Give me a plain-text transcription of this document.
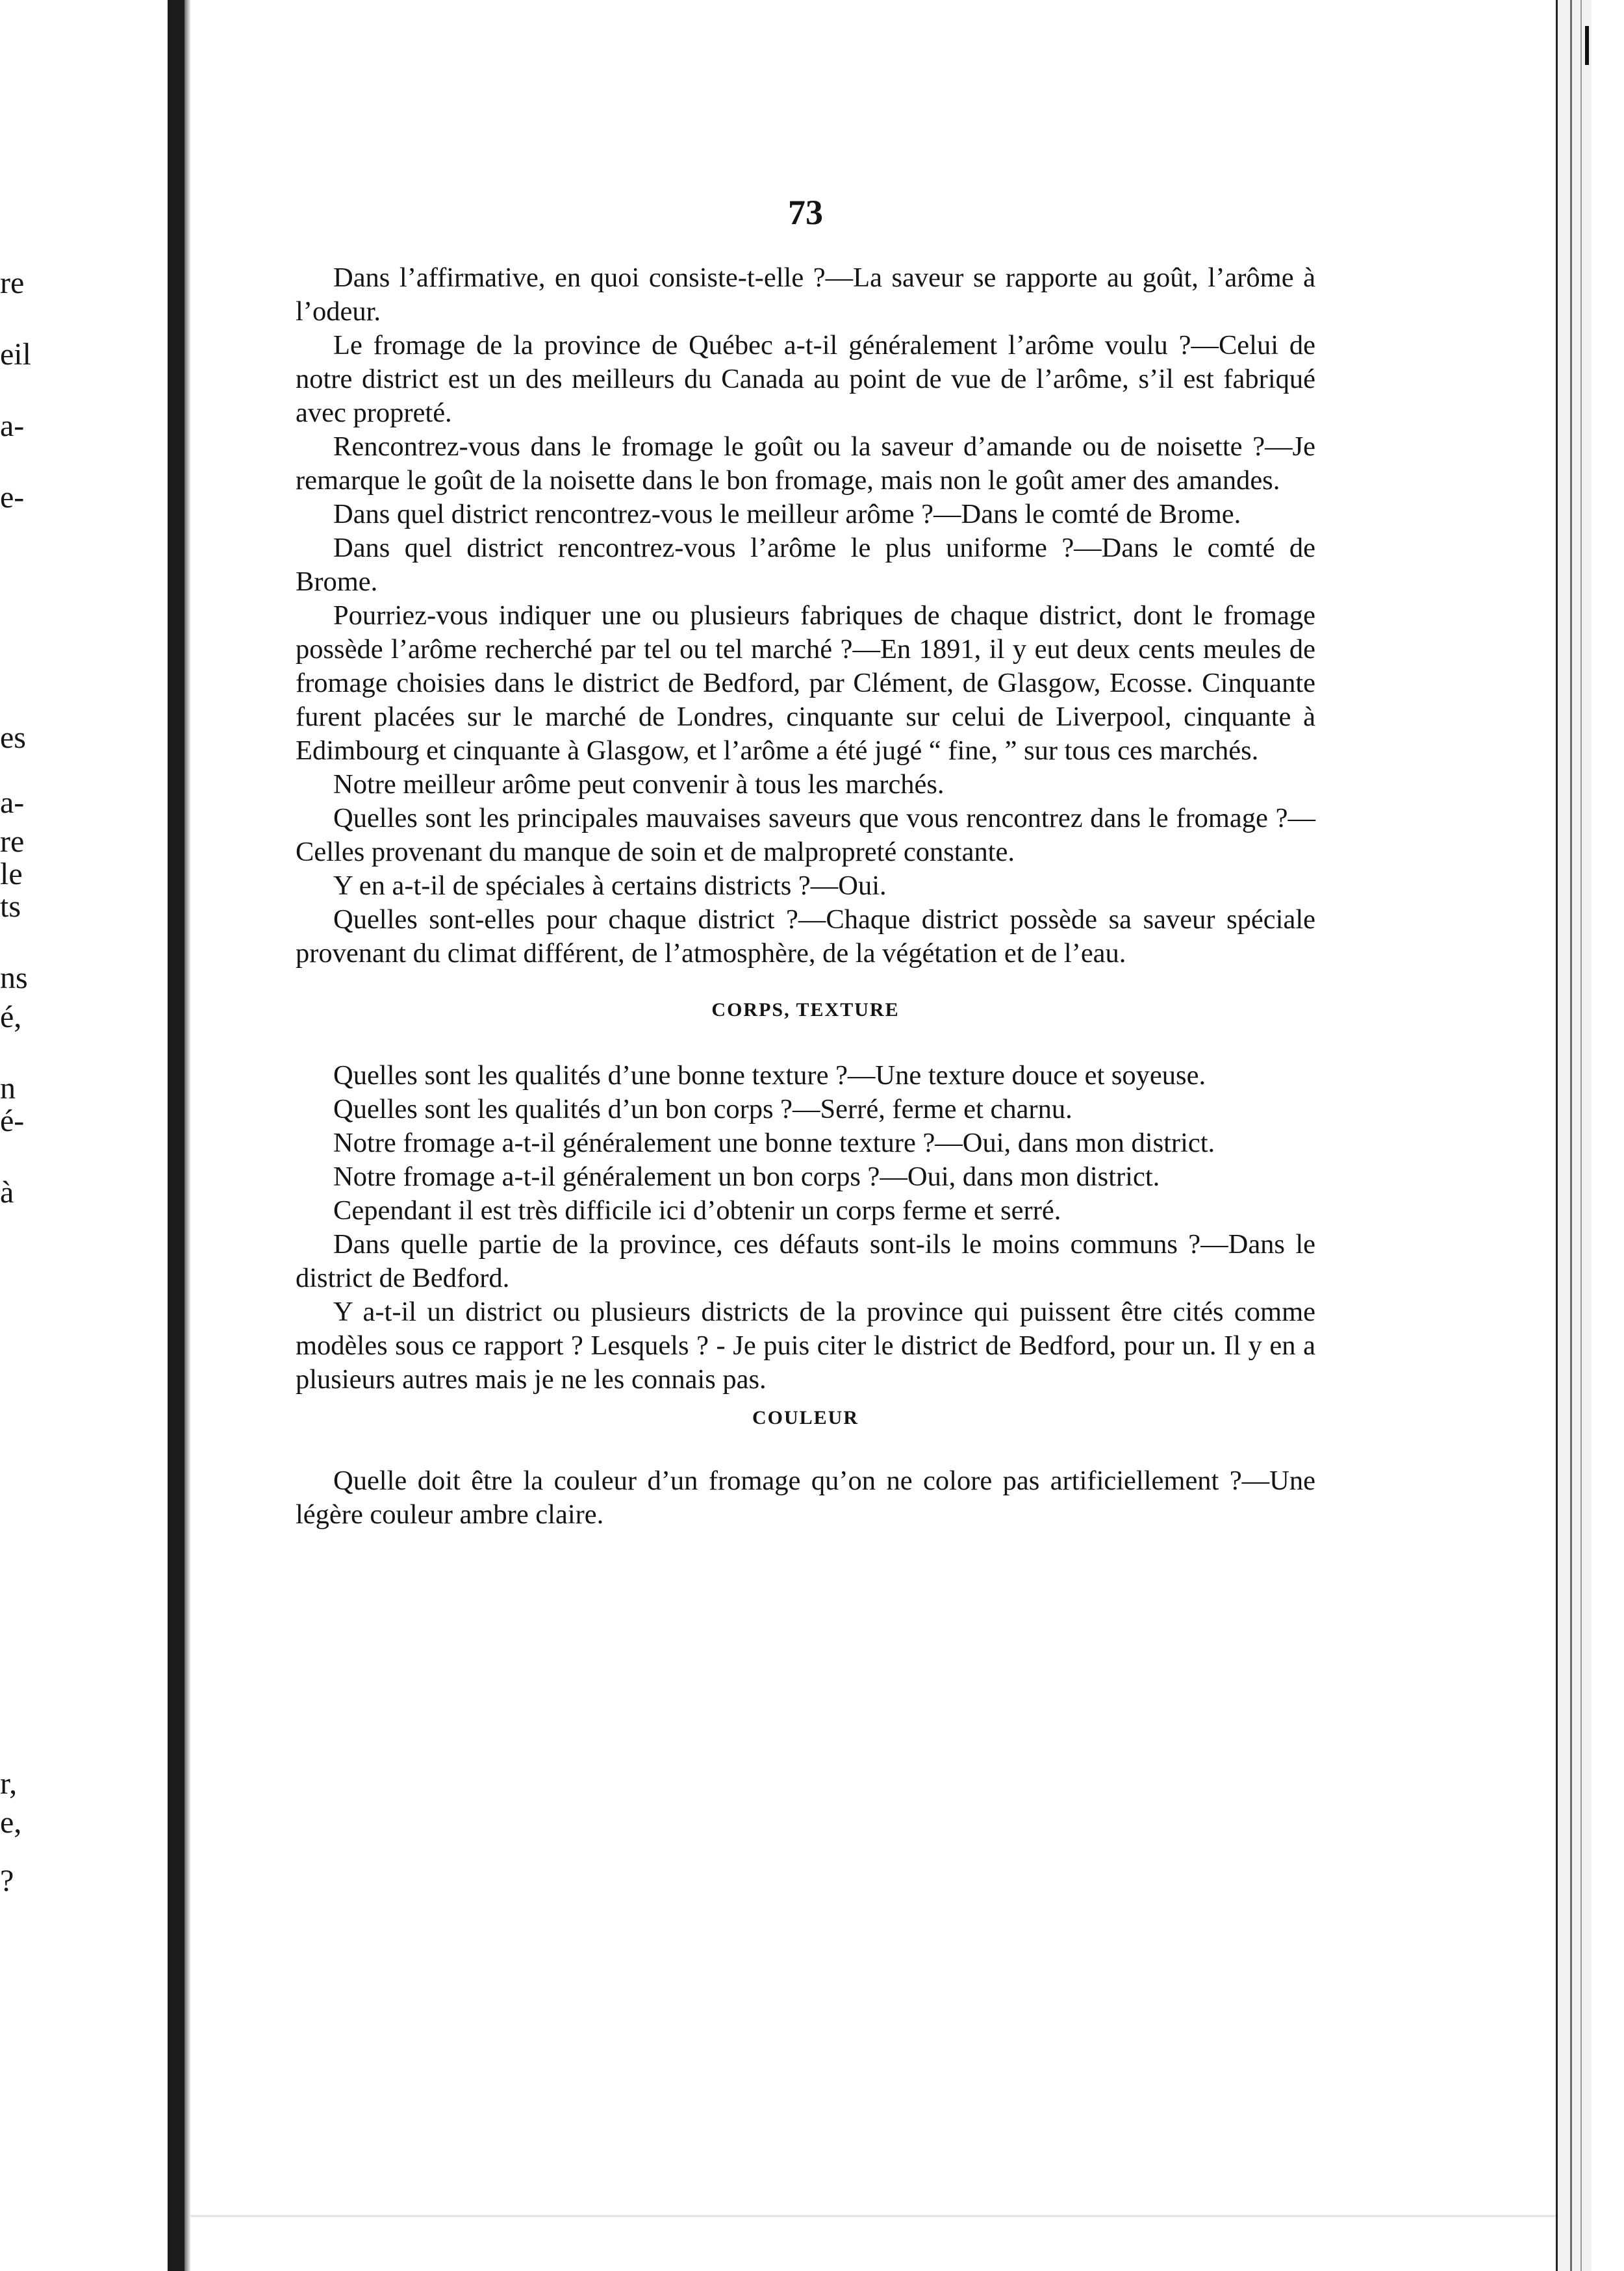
re
eil
a-
e-
es
a-
re
le
ts
ns
é,
n
é-
à
r,
e,
?
73

Dans l’affirmative, en quoi consiste-t-elle ?—La saveur se rapporte au goût, l’arôme à l’odeur.

Le fromage de la province de Québec a-t-il généralement l’arôme voulu ?—Celui de notre district est un des meilleurs du Canada au point de vue de l’arôme, s’il est fabriqué avec propreté.

Rencontrez-vous dans le fromage le goût ou la saveur d’amande ou de noisette ?—Je remarque le goût de la noisette dans le bon fromage, mais non le goût amer des amandes.

Dans quel district rencontrez-vous le meilleur arôme ?—Dans le comté de Brome.

Dans quel district rencontrez-vous l’arôme le plus uniforme ?—Dans le comté de Brome.

Pourriez-vous indiquer une ou plusieurs fabriques de chaque district, dont le fromage possède l’arôme recherché par tel ou tel marché ?—En 1891, il y eut deux cents meules de fromage choisies dans le district de Bedford, par Clément, de Glasgow, Ecosse. Cinquante furent placées sur le marché de Londres, cinquante sur celui de Liverpool, cinquante à Edimbourg et cinquante à Glasgow, et l’arôme a été jugé “ fine, ” sur tous ces marchés.

Notre meilleur arôme peut convenir à tous les marchés.

Quelles sont les principales mauvaises saveurs que vous rencontrez dans le fromage ?—Celles provenant du manque de soin et de malpropreté constante.

Y en a-t-il de spéciales à certains districts ?—Oui.

Quelles sont-elles pour chaque district ?—Chaque district possède sa saveur spéciale provenant du climat différent, de l’atmosphère, de la végétation et de l’eau.

CORPS, TEXTURE

Quelles sont les qualités d’une bonne texture ?—Une texture douce et soyeuse.

Quelles sont les qualités d’un bon corps ?—Serré, ferme et charnu.

Notre fromage a-t-il généralement une bonne texture ?—Oui, dans mon district.

Notre fromage a-t-il généralement un bon corps ?—Oui, dans mon district.

Cependant il est très difficile ici d’obtenir un corps ferme et serré.

Dans quelle partie de la province, ces défauts sont-ils le moins communs ?—Dans le district de Bedford.

Y a-t-il un district ou plusieurs districts de la province qui puissent être cités comme modèles sous ce rapport ? Lesquels ? - Je puis citer le district de Bedford, pour un. Il y en a plusieurs autres mais je ne les connais pas.

COULEUR

Quelle doit être la couleur d’un fromage qu’on ne colore pas artificiellement ?—Une légère couleur ambre claire.
